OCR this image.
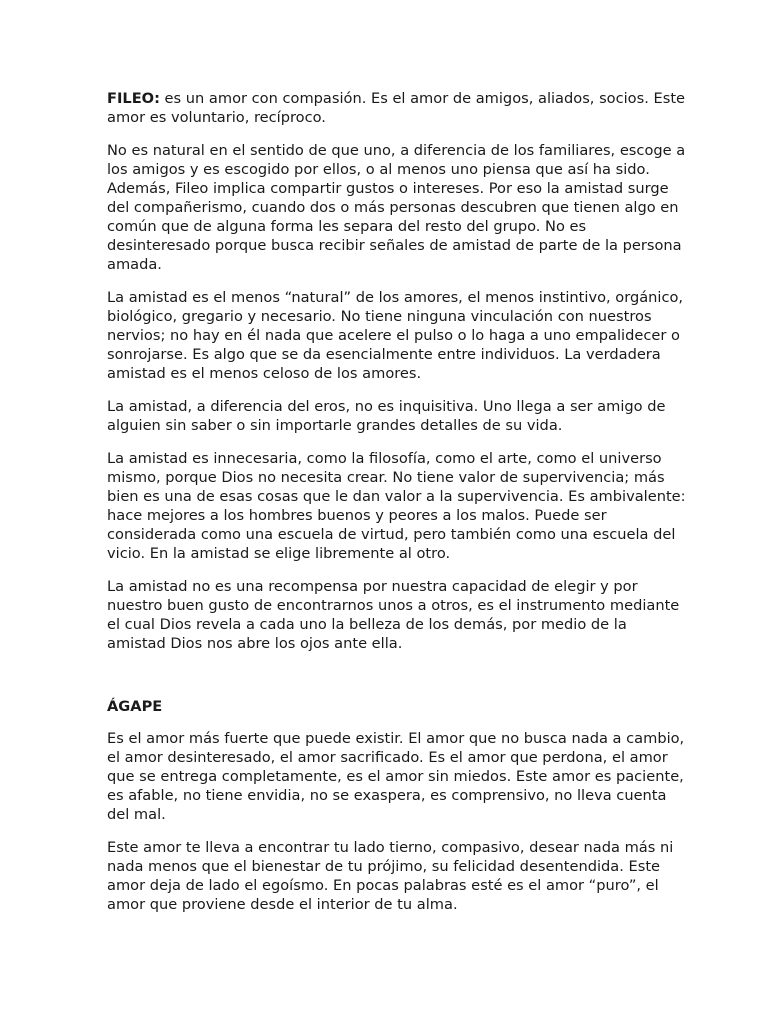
FILEO: es un amor con compasión. Es el amor de amigos, aliados, socios. Este amor es voluntario, recíproco.

No es natural en el sentido de que uno, a diferencia de los familiares, escoge a los amigos y es escogido por ellos, o al menos uno piensa que así ha sido. Además, Fileo implica compartir gustos o intereses. Por eso la amistad surge del compañerismo, cuando dos o más personas descubren que tienen algo en común que de alguna forma les separa del resto del grupo. No es desinteresado porque busca recibir señales de amistad de parte de la persona amada.

La amistad es el menos “natural” de los amores, el menos instintivo, orgánico, biológico, gregario y necesario. No tiene ninguna vinculación con nuestros nervios; no hay en él nada que acelere el pulso o lo haga a uno empalidecer o sonrojarse. Es algo que se da esencialmente entre individuos. La verdadera amistad es el menos celoso de los amores.

La amistad, a diferencia del eros, no es inquisitiva. Uno llega a ser amigo de alguien sin saber o sin importarle grandes detalles de su vida.

La amistad es innecesaria, como la filosofía, como el arte, como el universo mismo, porque Dios no necesita crear. No tiene valor de supervivencia; más bien es una de esas cosas que le dan valor a la supervivencia. Es ambivalente: hace mejores a los hombres buenos y peores a los malos. Puede ser considerada como una escuela de virtud, pero también como una escuela del vicio. En la amistad se elige libremente al otro.

La amistad no es una recompensa por nuestra capacidad de elegir y por nuestro buen gusto de encontrarnos unos a otros, es el instrumento mediante el cual Dios revela a cada uno la belleza de los demás, por medio de la amistad Dios nos abre los ojos ante ella.

ÁGAPE

Es el amor más fuerte que puede existir. El amor que no busca nada a cambio, el amor desinteresado, el amor sacrificado. Es el amor que perdona, el amor que se entrega completamente, es el amor sin miedos. Este amor es paciente, es afable, no tiene envidia, no se exaspera, es comprensivo, no lleva cuenta del mal.

Este amor te lleva a encontrar tu lado tierno, compasivo, desear nada más ni nada menos que el bienestar de tu prójimo, su felicidad desentendida. Este amor deja de lado el egoísmo. En pocas palabras esté es el amor “puro”, el amor que proviene desde el interior de tu alma.
